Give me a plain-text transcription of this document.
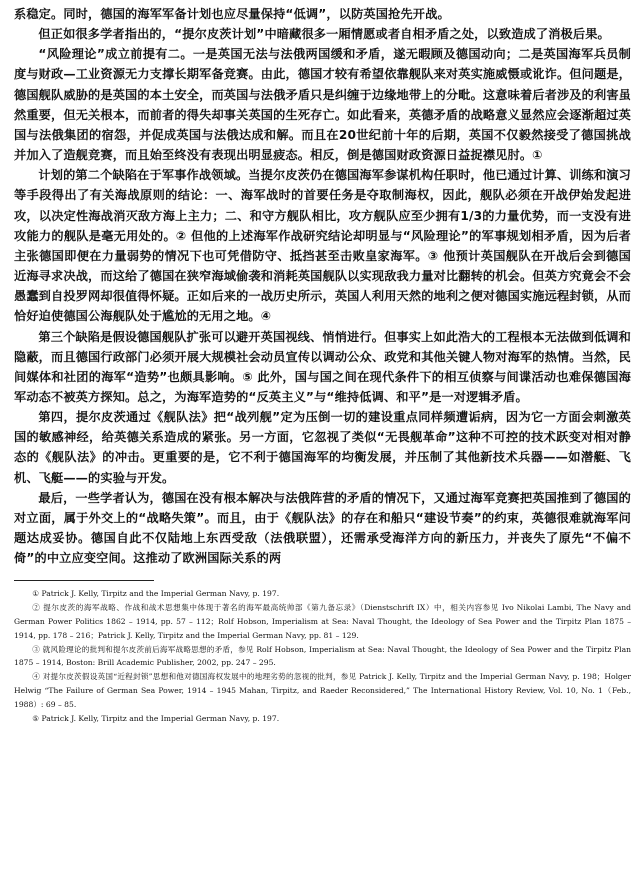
系稳定。同时，德国的海军军备计划也应尽量保持“低调”，以防英国抢先开战。

但正如很多学者指出的，“提尔皮茨计划”中暗藏很多一厢情愿或者自相矛盾之处，以致造成了消极后果。

“风险理论”成立前提有二。一是英国无法与法俄两国缓和矛盾，遂无暇顾及德国动向；二是英国海军兵员制度与财政—工业资源无力支撑长期军备竞赛。由此，德国才较有希望依靠舰队来对英实施威慑或讹诈。但问题是，德国舰队威胁的是英国的本土安全，而英国与法俄矛盾只是纠缠于边缘地带上的分毗。这意味着后者涉及的利害虽然重要，但无关根本，而前者的得失却事关英国的生死存亡。如此看来，英德矛盾的战略意义显然应会逐渐超过英国与法俄集团的宿怨，并促成英国与法俄达成和解。而且在20世纪前十年的后期，英国不仅毅然接受了德国挑战并加入了造舰竞赛，而且始至终没有表现出明显疲态。相反，倒是德国财政资源日益捉襟见肘。①

计划的第二个缺陷在于军事作战领域。当提尔皮茨仍在德国海军参谋机构任职时，他已通过计算、训练和演习等手段得出了有关海战原则的结论：一、海军战时的首要任务是夺取制海权，因此，舰队必须在开战伊始发起进攻，以决定性海战消灭敌方海上主力；二、和守方舰队相比，攻方舰队应至少拥有1/3的力量优势，而一支没有进攻能力的舰队是毫无用处的。② 但他的上述海军作战研究结论却明显与“风险理论”的军事规划相矛盾，因为后者主张德国即便在力量弱势的情况下也可凭借防守、抵挡甚至击败皇家海军。③ 他预计英国舰队在开战后会到德国近海寻求决战，而这给了德国在狭窄海域偷袭和消耗英国舰队以实现敌我力量对比翻转的机会。但英方究竟会不会愚蠢到自投罗网却很值得怀疑。正如后来的一战历史所示，英国人利用天然的地利之便对德国实施远程封锁，从而恰好迫使德国公海舰队处于尴尬的无用之地。④

第三个缺陷是假设德国舰队扩张可以避开英国视线、悄悄进行。但事实上如此浩大的工程根本无法做到低调和隐蔽，而且德国行政部门必须开展大规模社会动员宣传以调动公众、政党和其他关键人物对海军的热情。当然，民间媒体和社团的海军“造势”也颇具影响。⑤ 此外，国与国之间在现代条件下的相互侦察与间谍活动也难保德国海军动态不被英方探知。总之，为海军造势的“反英主义”与“维持低调、和平”是一对逻辑矛盾。

第四，提尔皮茨通过《舰队法》把“战列舰”定为压倒一切的建设重点同样频遭诟病，因为它一方面会刺激英国的敏感神经，给英德关系造成的紧张。另一方面，它忽视了类似“无畏舰革命”这种不可控的技术跃变对相对静态的《舰队法》的冲击。更重要的是，它不利于德国海军的均衡发展，并压制了其他新技术兵器——如潜艇、飞机、飞艇——的实验与开发。

最后，一些学者认为，德国在没有根本解决与法俄阵营的矛盾的情况下，又通过海军竞赛把英国推到了德国的对立面，属于外交上的“战略失策”。而且，由于《舰队法》的存在和船只“建设节奏”的约束，英德很难就海军问题达成妥协。德国自此不仅陆地上东西受敌（法俄联盟），还需承受海洋方向的新压力，并丧失了原先“不偏不倚”的中立应变空间。这推动了欧洲国际关系的两

① Patrick J. Kelly, Tirpitz and the Imperial German Navy, p. 197.

② 提尔皮茨的海军战略、作战和战术思想集中体现于著名的海军最高统帅部《第九备忘录》（Dienstschrift IX）中，相关内容参见 Ivo Nikolai Lambi, The Navy and German Power Politics 1862 – 1914, pp. 57 – 112；Rolf Hobson, Imperialism at Sea: Naval Thought, the Ideology of Sea Power and the Tirpitz Plan 1875 – 1914, pp. 178 – 216；Patrick J. Kelly, Tirpitz and the Imperial German Navy, pp. 81 – 129.

③ 就风险理论的批判和提尔皮茨前后海军战略思想的矛盾，参见 Rolf Hobson, Imperialism at Sea: Naval Thought, the Ideology of Sea Power and the Tirpitz Plan 1875 – 1914, Boston: Brill Academic Publisher, 2002, pp. 247 – 295.

④ 对提尔皮茨假设英国“近程封锁”思想和他对德国海权发展中的地理劣势的忽视的批判，参见 Patrick J. Kelly, Tirpitz and the Imperial German Navy, p. 198；Holger Helwig “The Failure of German Sea Power, 1914 – 1945 Mahan, Tirpitz, and Raeder Reconsidered,” The International History Review, Vol. 10, No. 1（Feb., 1988）: 69 – 85.

⑤ Patrick J. Kelly, Tirpitz and the Imperial German Navy, p. 197.
